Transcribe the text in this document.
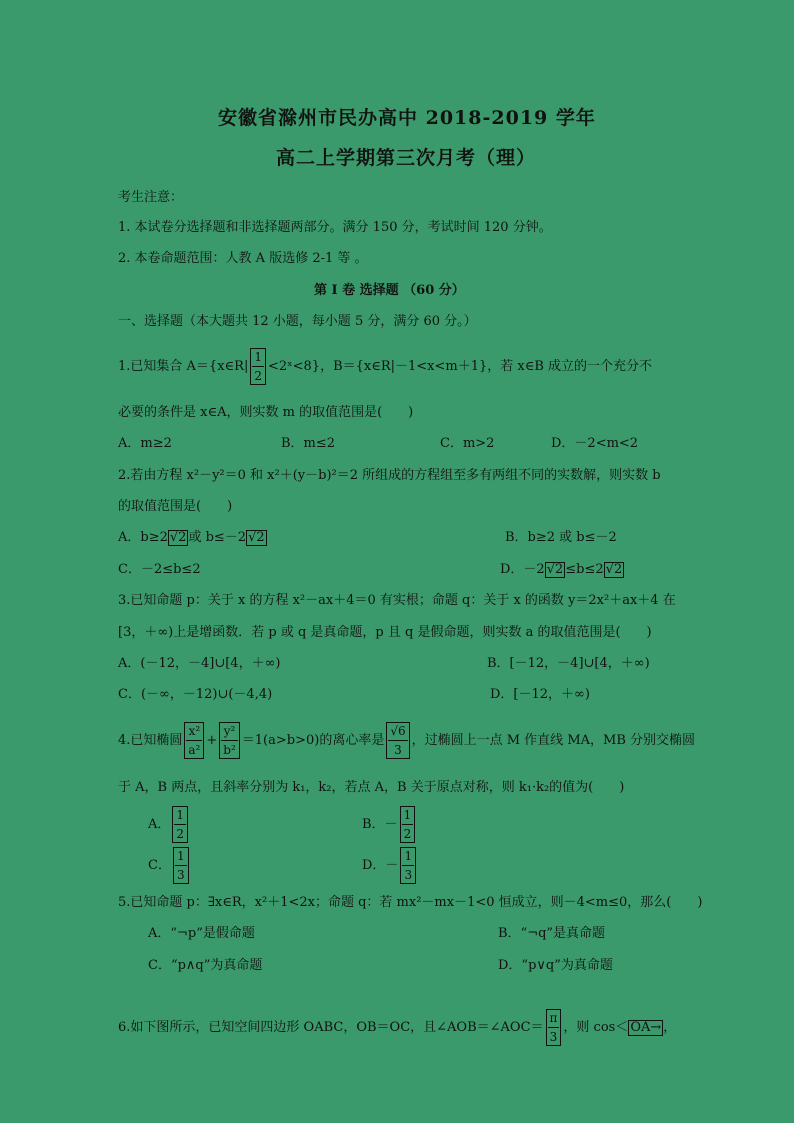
安徽省滁州市民办高中 2018-2019 学年
高二上学期第三次月考（理）
考生注意：
1. 本试卷分选择题和非选择题两部分。满分 150 分，考试时间 120 分钟。
2. 本卷命题范围：人教 A 版选修 2-1 等 。
第 I 卷 选择题 （60 分）
一、选择题（本大题共 12 小题，每小题 5 分，满分 60 分。）
1.已知集合 A＝{x∈R| $\frac{1}{2}$ <2ˣ<8}，B＝{x∈R|－1<x<m＋1}，若 x∈B 成立的一个充分不
必要的条件是 x∈A，则实数 m 的取值范围是(　　)
A．m≥2	B．m≤2	C．m>2	D．－2<m<2
2.若由方程 x²－y²＝0 和 x²＋(y－b)²＝2 所组成的方程组至多有两组不同的实数解，则实数 b
的取值范围是(　　)
A．b≥2 √2 或 b≤－2 √2	B．b≥2 或 b≤－2
C．－2≤b≤2	D．－2 √2 ≤b≤2 √2
3.已知命题 p：关于 x 的方程 x²－ax＋4＝0 有实根；命题 q：关于 x 的函数 y＝2x²＋ax＋4 在
[3，＋∞)上是增函数．若 p 或 q 是真命题，p 且 q 是假命题，则实数 a 的取值范围是(　　)
A．(－12，－4]∪[4，＋∞)	B．[－12，－4]∪[4，＋∞)
C．(－∞，－12)∪(－4,4)	D．[－12，＋∞)
4.已知椭圆 $\frac{\text{x²}}{\text{a²}} + \frac{\text{y²}}{\text{b²}} =1(a>b>0)$的离心率是 $\frac{√6}{3}$ ，过椭圆上一点 M 作直线 MA，MB 分别交椭圆
于 A，B 两点，且斜率分别为 k₁，k₂，若点 A，B 关于原点对称，则 k₁·k₂的值为(　　)
A． $\frac{1}{2}$	B．－ $\frac{1}{2}$
C． $\frac{1}{3}$	D．－ $\frac{1}{3}$
5.已知命题 p：∃x∈R，x²＋1<2x；命题 q：若 mx²－mx－1<0 恒成立，则－4<m≤0，那么(　　)
A．“¬p”是假命题	B．“¬q”是真命题
C．“p∧q”为真命题	D．“p∨q”为真命题
6.如下图所示，已知空间四边形 OABC，OB＝OC，且∠AOB＝∠AOC＝ $\frac{\pi}{3}$ ，则 cos＜ OA→ ，
